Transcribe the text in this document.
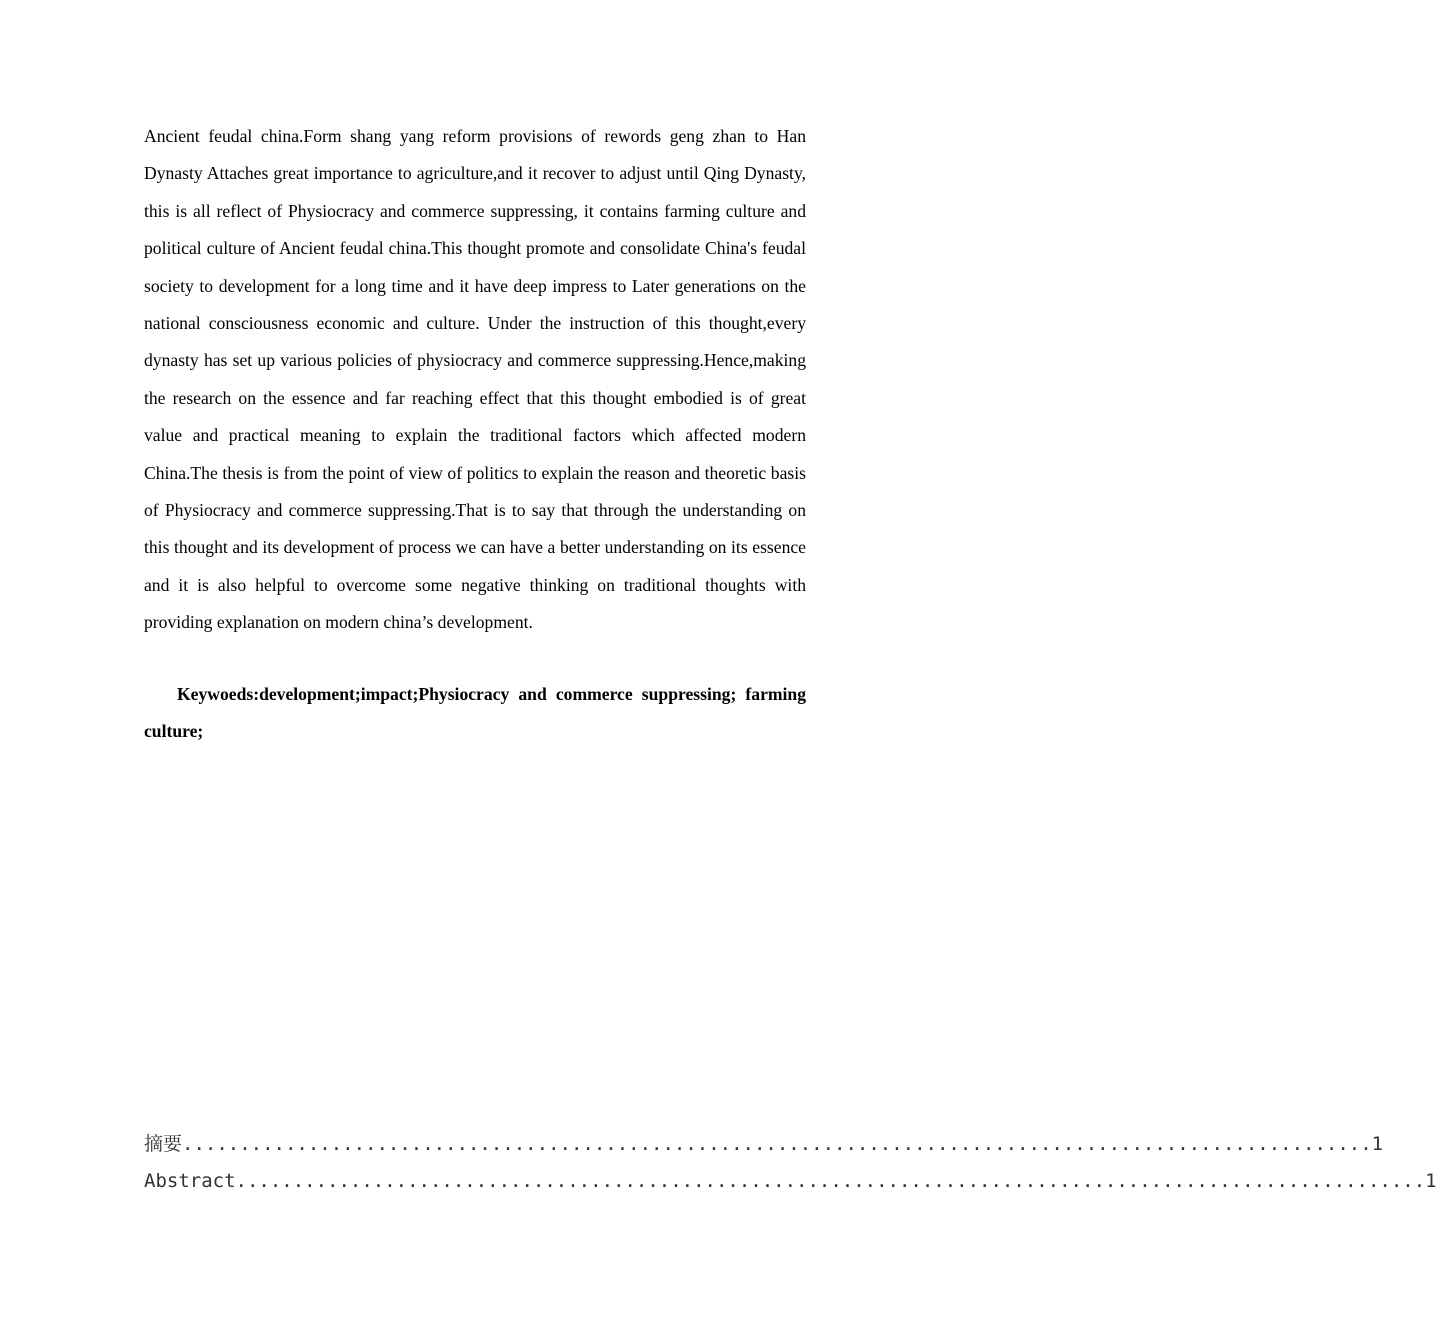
Ancient feudal china.Form shang yang reform provisions of rewords geng zhan to Han Dynasty Attaches great importance to agriculture,and it recover to adjust until Qing Dynasty, this is all reflect of Physiocracy and commerce suppressing, it contains farming culture and political culture of Ancient feudal china.This thought promote and consolidate China's feudal society to development for a long time and it have deep impress to Later generations on the national consciousness economic and culture. Under the instruction of this thought,every dynasty has set up various policies of physiocracy and commerce suppressing.Hence,making the research on the essence and far reaching effect that this thought embodied is of great value and practical meaning to explain the traditional factors which affected modern China.The thesis is from the point of view of politics to explain the reason and theoretic basis of Physiocracy and commerce suppressing.That is to say that through the understanding on this thought and its development of process we can have a better understanding on its essence and it is also helpful to overcome some negative thinking on traditional thoughts with providing explanation on modern china’s development.

Keywoeds:development;impact;Physiocracy and commerce suppressing; farming culture;

摘要 ........................................................................................................ 1
Abstract ........................................................................................................ 1
